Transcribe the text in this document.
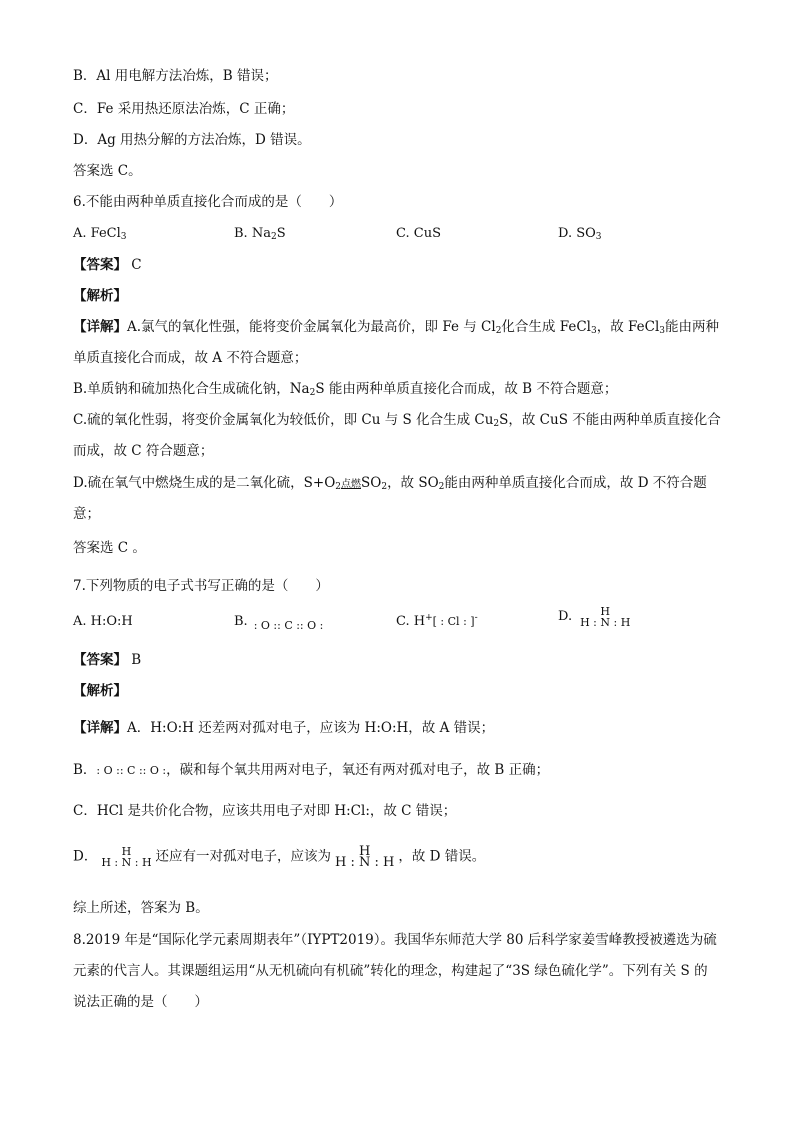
B．Al 用电解方法冶炼，B 错误；
C．Fe 采用热还原法冶炼，C 正确；
D．Ag 用热分解的方法冶炼，D 错误。
答案选 C。
6.不能由两种单质直接化合而成的是（　　）
A. FeCl$_3$	B. $Na_2S$	C. CuS	D. $SO_3$
【答案】 C
【解析】
【详解】A.氯气的氧化性强，能将变价金属氧化为最高价，即 Fe 与 $Cl_2$化合生成 FeCl$_3$，故 FeCl$_3$能由两种
单质直接化合而成，故 A 不符合题意；
B.单质钠和硫加热化合生成硫化钠，$Na_2S$ 能由两种单质直接化合而成，故 B 不符合题意；
C.硫的氧化性弱，将变价金属氧化为较低价，即 Cu 与 S 化合生成 $Cu_2S$，故 CuS 不能由两种单质直接化合
而成，故 C 符合题意；
D.硫在氧气中燃烧生成的是二氧化硫，$S+O_2$点燃$SO_2$，故 $SO_2$能由两种单质直接化合而成，故 D 不符合题
意；
答案选 C 。
7.下列物质的电子式书写正确的是（　　）
A. H:O:H	B. $_{: O :: C :: O :}$	C. H+[ : Cl : ]-	D.	H
H : N : H
【答案】 B
【解析】
【详解】A．H:O:H 还差两对孤对电子，应该为 H:O:H，故 A 错误；
B．: O :: C :: O :，碳和每个氧共用两对电子，氧还有两对孤对电子，故 B 正确；
C．HCl 是共价化合物，应该共用电子对即 H:Cl:，故 C 错误；
D．	H
H : N : H 还应有一对孤对电子，应该为	H
H : N : H ，故 D 错误。
综上所述，答案为 B。
8.2019 年是“国际化学元素周期表年”（IYPT2019）。我国华东师范大学 80 后科学家姜雪峰教授被遴选为硫
元素的代言人。其课题组运用“从无机硫向有机硫”转化的理念，构建起了“3S 绿色硫化学”。下列有关 S 的
说法正确的是（　　）
